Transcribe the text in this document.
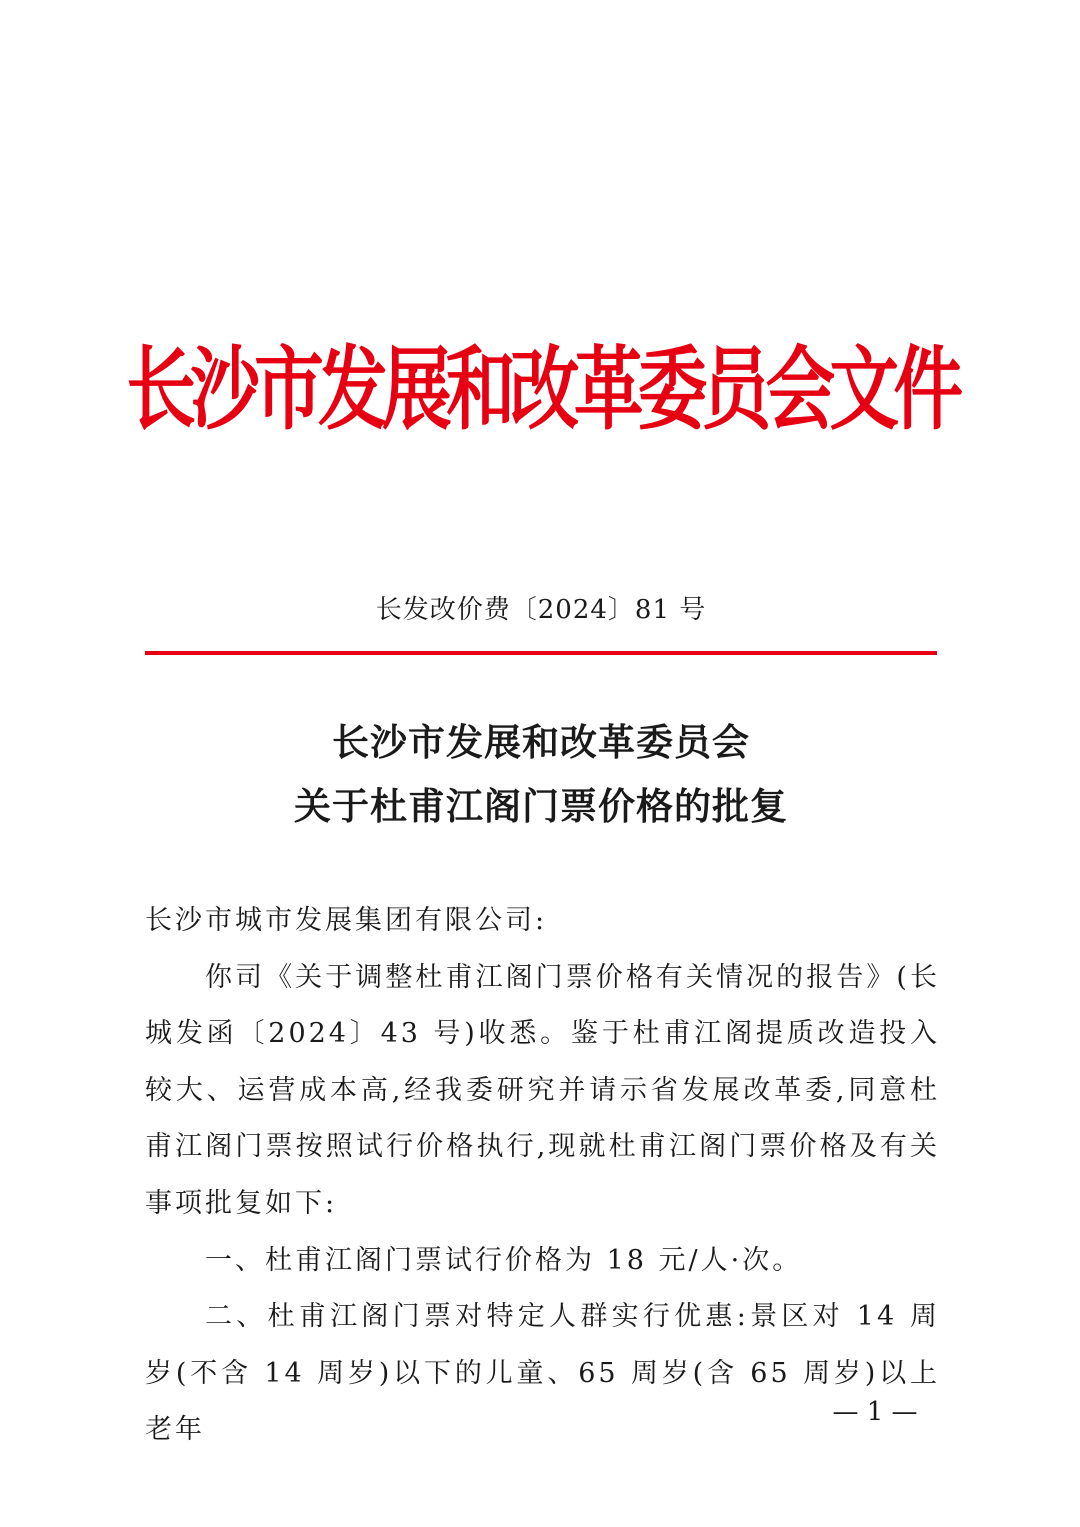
长沙市发展和改革委员会文件
长发改价费〔2024〕81 号
长沙市发展和改革委员会
关于杜甫江阁门票价格的批复

长沙市城市发展集团有限公司:

你司《关于调整杜甫江阁门票价格有关情况的报告》(长城发函〔2024〕43 号)收悉。鉴于杜甫江阁提质改造投入较大、运营成本高,经我委研究并请示省发展改革委,同意杜甫江阁门票按照试行价格执行,现就杜甫江阁门票价格及有关事项批复如下:

一、杜甫江阁门票试行价格为 18 元/人·次。

二、杜甫江阁门票对特定人群实行优惠:景区对 14 周岁(不含 14 周岁)以下的儿童、65 周岁(含 65 周岁)以上老年

— 1 —
